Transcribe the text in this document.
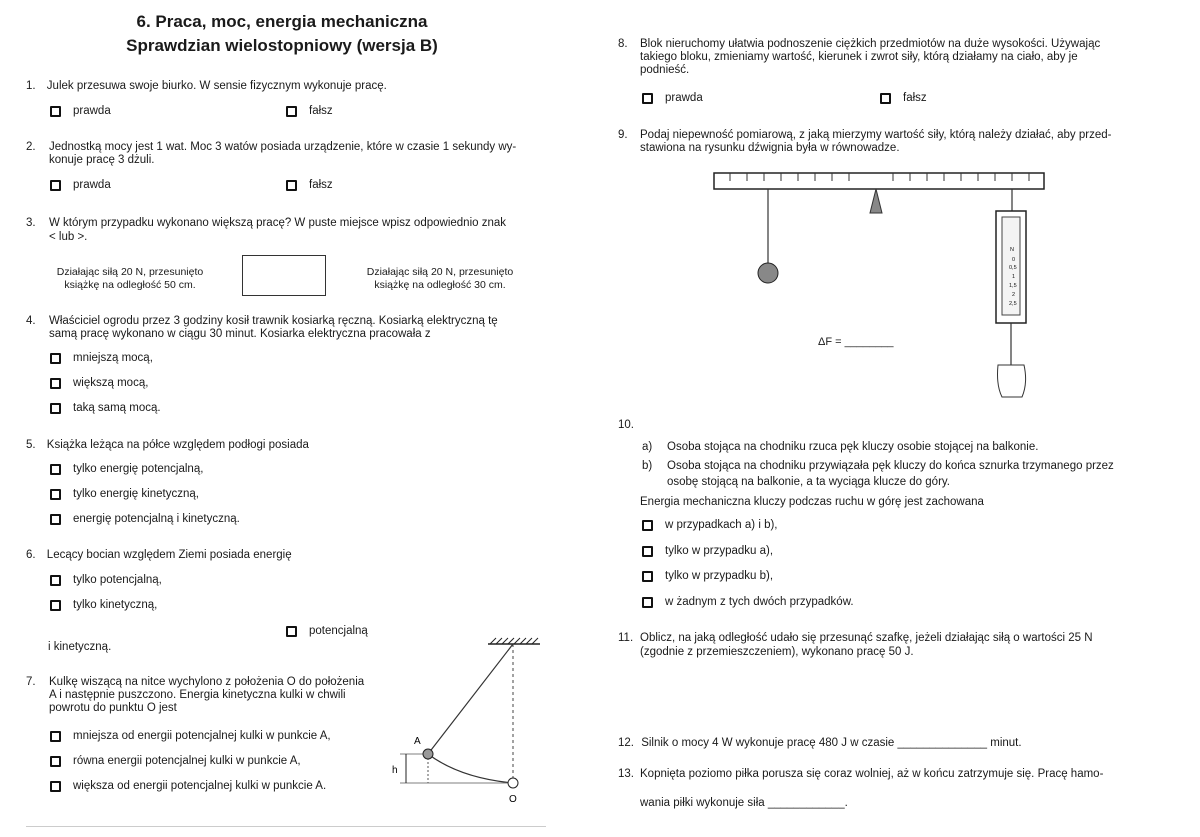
6. Praca, moc, energia mechaniczna
Sprawdzian wielostopniowy (wersja B)
1. Julek przesuwa swoje biurko. W sensie fizycznym wykonuje pracę.
prawda	fałsz
2. Jednostką mocy jest 1 wat. Moc 3 watów posiada urządzenie, które w czasie 1 sekundy wy-
konuje pracę 3 dżuli.
prawda	fałsz
3. W którym przypadku wykonano większą pracę? W puste miejsce wpisz odpowiednio znak
< lub >.
Działając siłą 20 N, przesunięto
książkę na odległość 50 cm.
Działając siłą 20 N, przesunięto
książkę na odległość 30 cm.
4. Właściciel ogrodu przez 3 godziny kosił trawnik kosiarką ręczną. Kosiarką elektryczną tę
samą pracę wykonano w ciągu 30 minut. Kosiarka elektryczna pracowała z
mniejszą mocą,
większą mocą,
taką samą mocą.
5. Książka leżąca na półce względem podłogi posiada
tylko energię potencjalną,
tylko energię kinetyczną,
energię potencjalną i kinetyczną.
6. Lecący bocian względem Ziemi posiada energię
tylko potencjalną,
tylko kinetyczną,
potencjalną
i kinetyczną.
7. Kulkę wiszącą na nitce wychylono z położenia O do położenia
A i następnie puszczono. Energia kinetyczna kulki w chwili
powrotu do punktu O jest
mniejsza od energii potencjalnej kulki w punkcie A,
równa energii potencjalnej kulki w punkcie A,
większa od energii potencjalnej kulki w punkcie A.
A
h
O
8. Blok nieruchomy ułatwia podnoszenie ciężkich przedmiotów na duże wysokości. Używając
takiego bloku, zmieniamy wartość, kierunek i zwrot siły, którą działamy na ciało, aby je
podnieść.
prawda	fałsz
9. Podaj niepewność pomiarową, z jaką mierzymy wartość siły, którą należy działać, aby przed-
stawiona na rysunku dźwignia była w równowadze.
N
0
0,5
1
1,5
2
2,5
ΔF = ________
10.
a) Osoba stojąca na chodniku rzuca pęk kluczy osobie stojącej na balkonie.
b) Osoba stojąca na chodniku przywiązała pęk kluczy do końca sznurka trzymanego przez
osobę stojącą na balkonie, a ta wyciąga klucze do góry.
Energia mechaniczna kluczy podczas ruchu w górę jest zachowana
w przypadkach a) i b),
tylko w przypadku a),
tylko w przypadku b),
w żadnym z tych dwóch przypadków.
11. Oblicz, na jaką odległość udało się przesunąć szafkę, jeżeli działając siłą o wartości 25 N
(zgodnie z przemieszczeniem), wykonano pracę 50 J.
12. Silnik o mocy 4 W wykonuje pracę 480 J w czasie ______________ minut.
13. Kopnięta poziomo piłka porusza się coraz wolniej, aż w końcu zatrzymuje się. Pracę hamo-
wania piłki wykonuje siła ____________.
